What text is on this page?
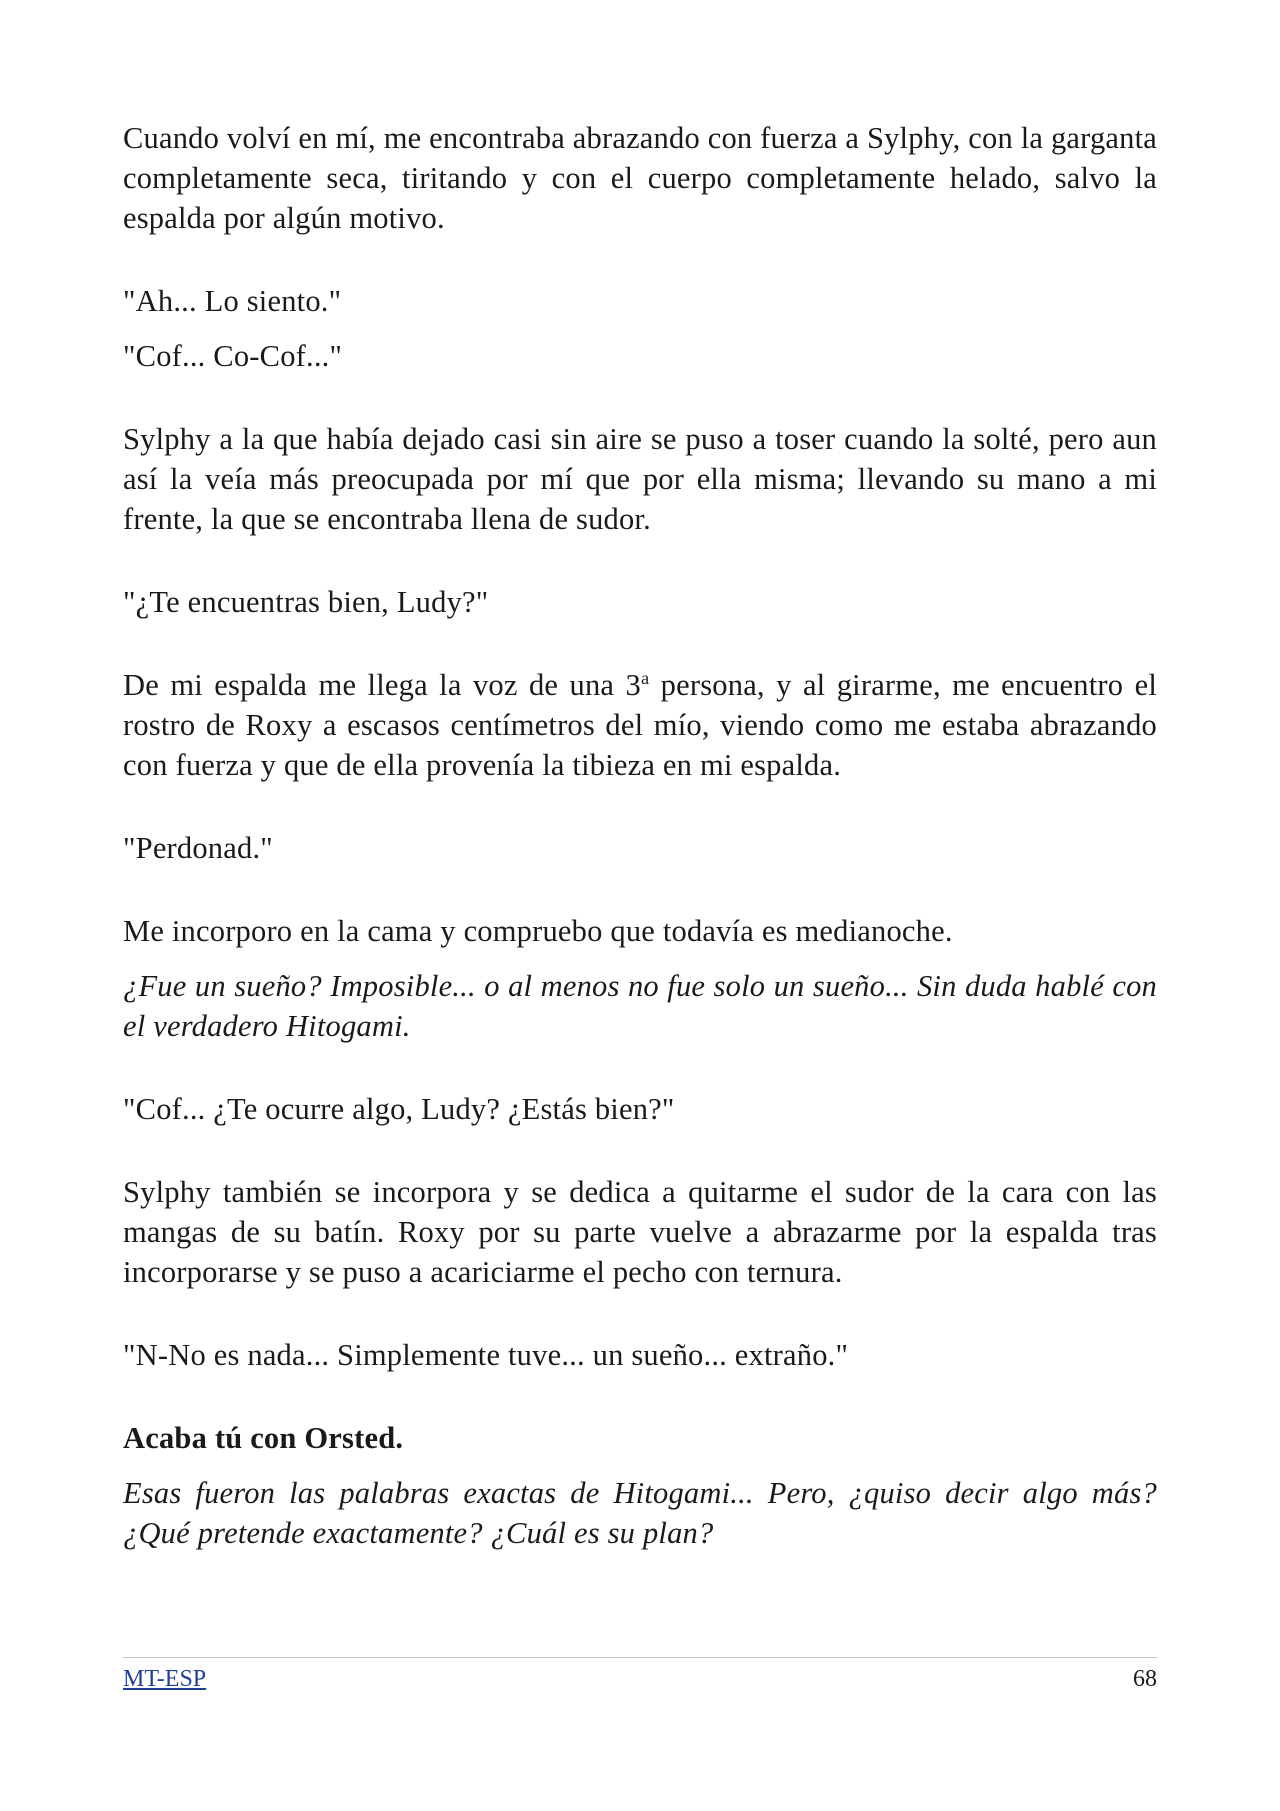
Cuando volví en mí, me encontraba abrazando con fuerza a Sylphy, con la garganta completamente seca, tiritando y con el cuerpo completamente helado, salvo la espalda por algún motivo.

"Ah... Lo siento."

"Cof... Co-Cof..."

Sylphy a la que había dejado casi sin aire se puso a toser cuando la solté, pero aun así la veía más preocupada por mí que por ella misma; llevando su mano a mi frente, la que se encontraba llena de sudor.

"¿Te encuentras bien, Ludy?"

De mi espalda me llega la voz de una 3$^a$ persona, y al girarme, me encuentro el rostro de Roxy a escasos centímetros del mío, viendo como me estaba abrazando con fuerza y que de ella provenía la tibieza en mi espalda.

"Perdonad."

Me incorporo en la cama y compruebo que todavía es medianoche.

¿Fue un sueño? Imposible... o al menos no fue solo un sueño... Sin duda hablé con el verdadero Hitogami.

"Cof... ¿Te ocurre algo, Ludy? ¿Estás bien?"

Sylphy también se incorpora y se dedica a quitarme el sudor de la cara con las mangas de su batín. Roxy por su parte vuelve a abrazarme por la espalda tras incorporarse y se puso a acariciarme el pecho con ternura.

"N-No es nada... Simplemente tuve... un sueño... extraño."

Acaba tú con Orsted.

Esas fueron las palabras exactas de Hitogami... Pero, ¿quiso decir algo más? ¿Qué pretende exactamente? ¿Cuál es su plan?

MT-ESP	68
